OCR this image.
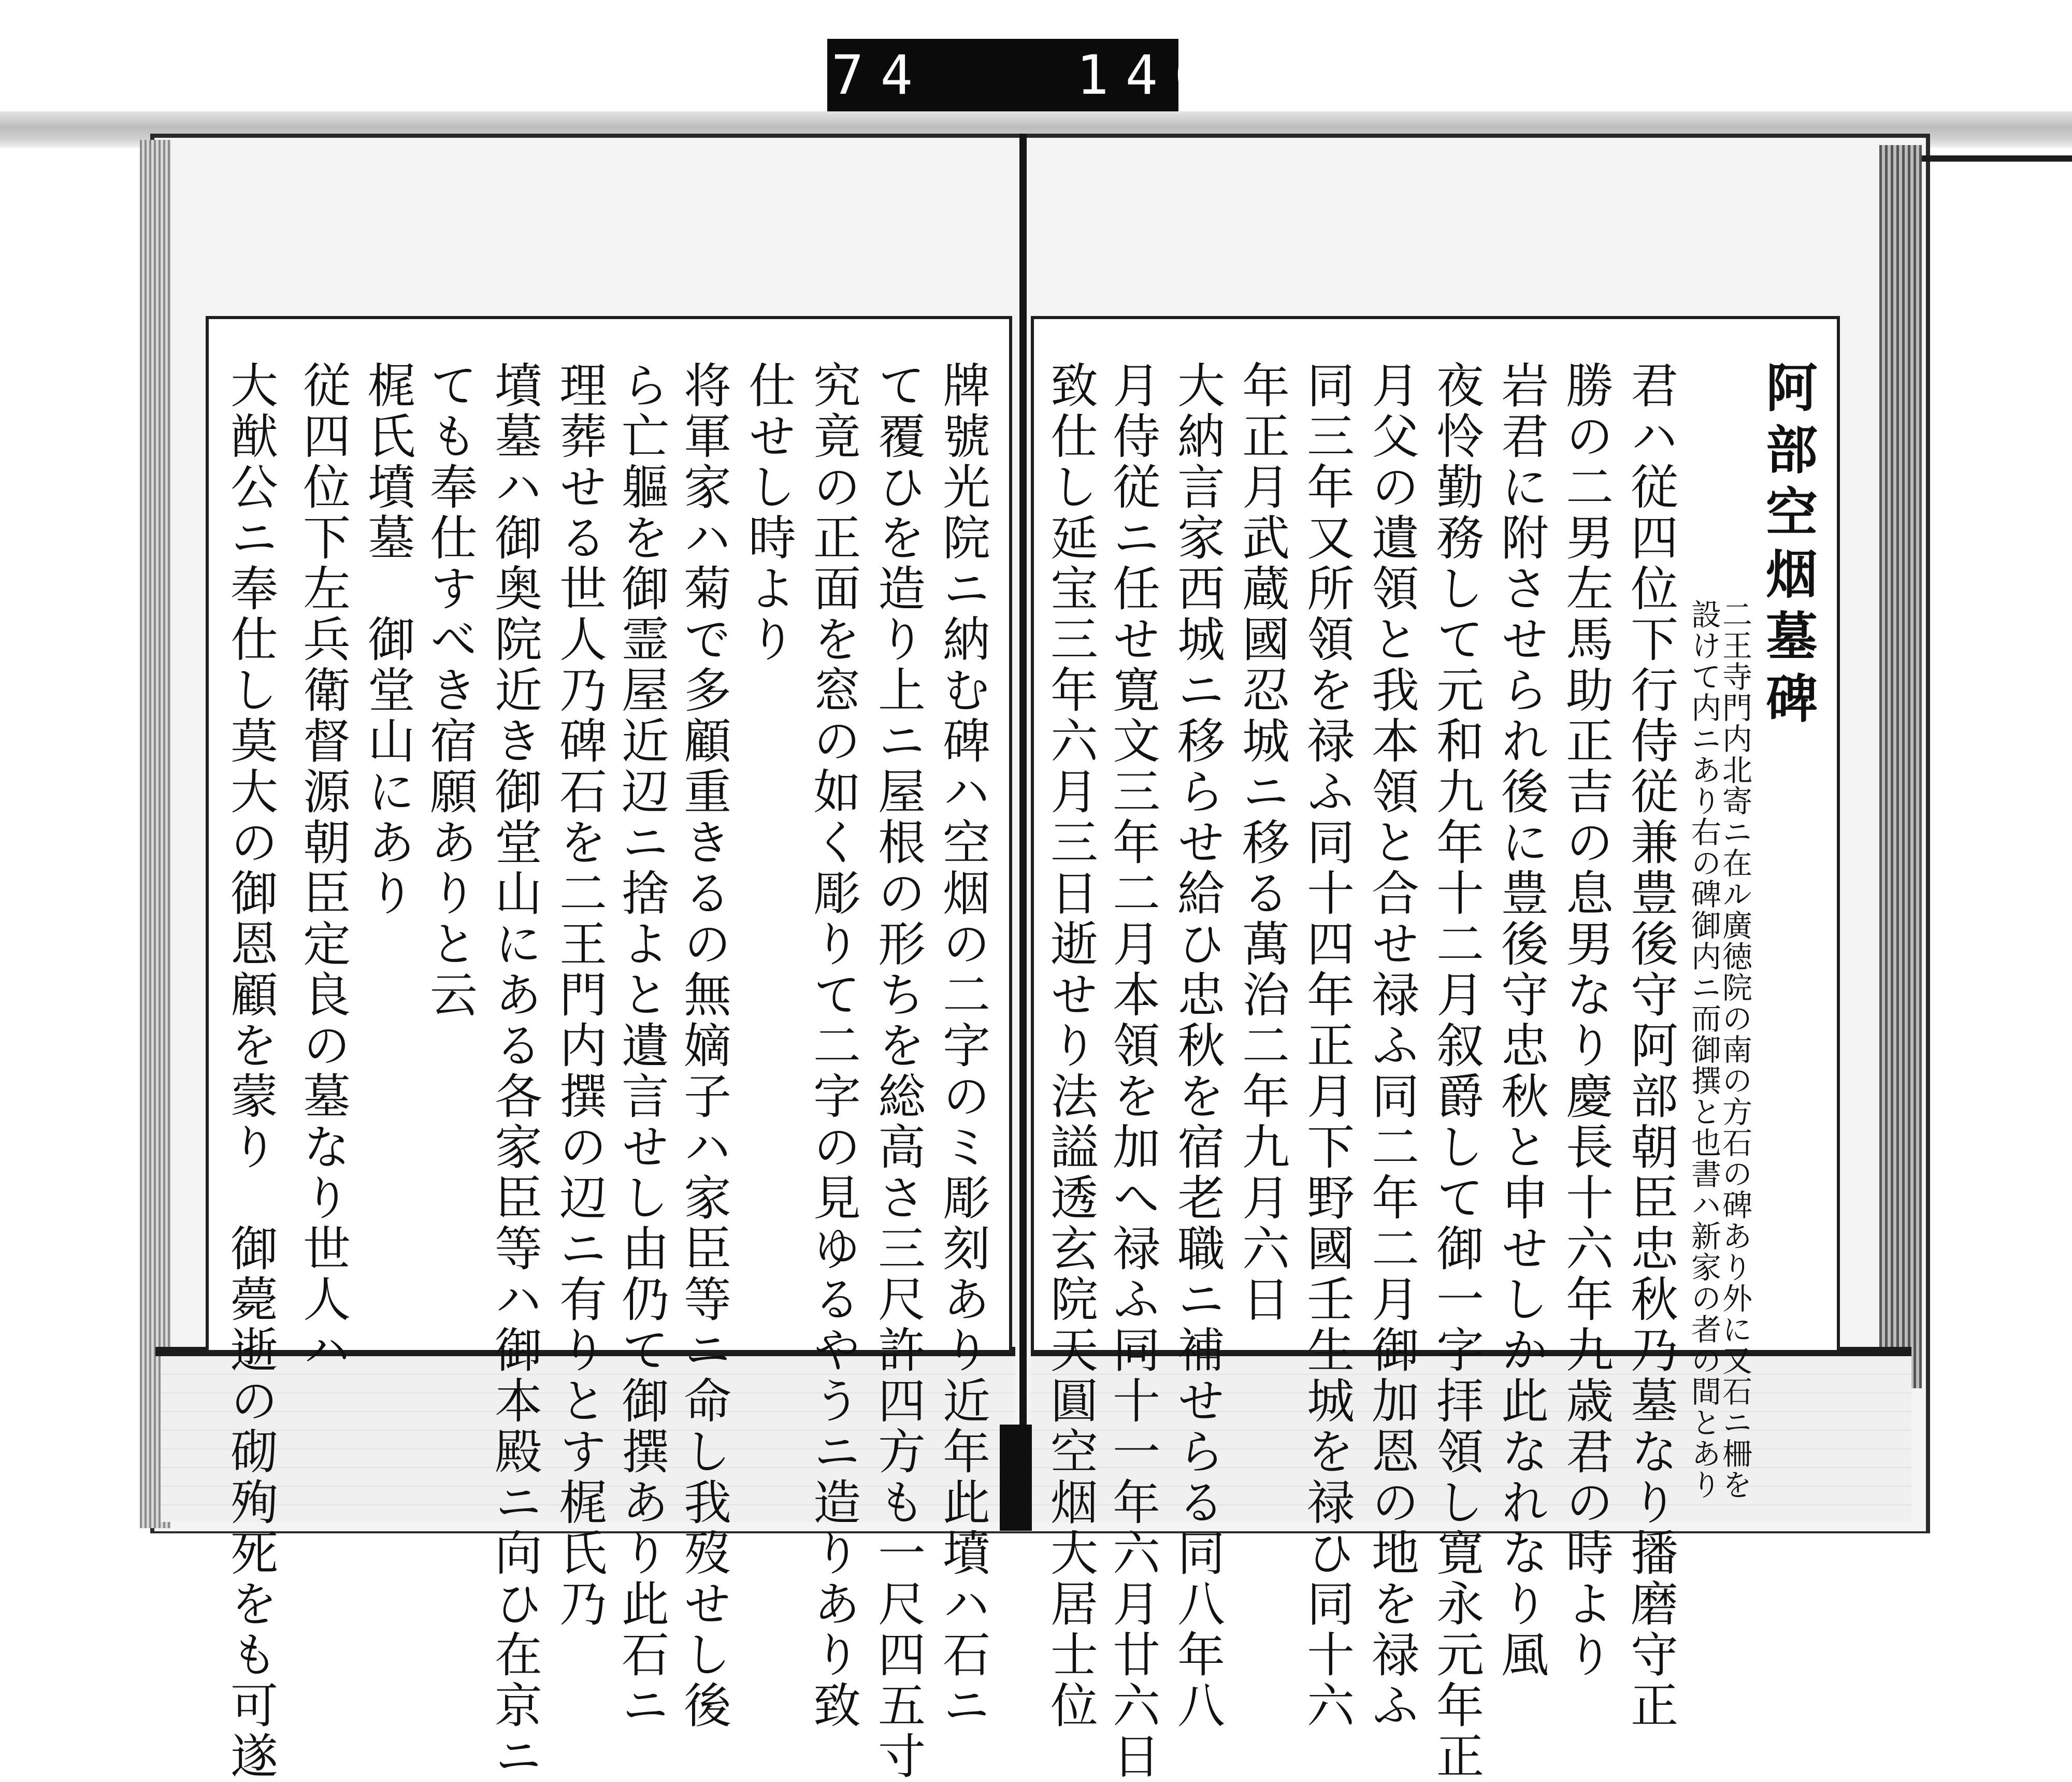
874   146
阿部空烟墓碑
二王寺門内北寄ニ在ル廣徳院の南の方石の碑あり外に又石ニ柵を
設けて内ニあり右の碑御内ニ而御撰と也書ハ新家の者の間とあり
君ハ従四位下行侍従兼豊後守阿部朝臣忠秋乃墓なり播磨守正
勝の二男左馬助正吉の息男なり慶長十六年九歳君の時より
岩君に附させられ後に豊後守忠秋と申せしか此なれなり風
夜怜勤務して元和九年十二月叙爵して御一字拝領し寛永元年正
月父の遺領と我本領と合せ禄ふ同二年二月御加恩の地を禄ふ
同三年又所領を禄ふ同十四年正月下野國壬生城を禄ひ同十六
年正月武蔵國忍城ニ移る萬治二年九月六日
大納言家西城ニ移らせ給ひ忠秋を宿老職ニ補せらる同八年八
月侍従ニ任せ寛文三年二月本領を加へ禄ふ同十一年六月廿六日
致仕し延宝三年六月三日逝せり法謚透玄院天圓空烟大居士位
牌號光院ニ納む碑ハ空烟の二字のミ彫刻あり近年此墳ハ石ニ
て覆ひを造り上ニ屋根の形ちを総高さ三尺許四方も一尺四五寸
究竟の正面を窓の如く彫りて二字の見ゆるやうニ造りあり致
仕せし時より
将軍家ハ菊で多顧重きるの無嫡子ハ家臣等ニ命し我歿せし後
ら亡軀を御霊屋近辺ニ捨よと遺言せし由仍て御撰あり此石ニ
理葬せる世人乃碑石を二王門内撰の辺ニ有りとす梶氏乃
墳墓ハ御奥院近き御堂山にある各家臣等ハ御本殿ニ向ひ在京ニ
ても奉仕すべき宿願ありと云
梶氏墳墓　御堂山にあり
従四位下左兵衛督源朝臣定良の墓なり世人ハ
大猷公ニ奉仕し莫大の御恩顧を蒙り　御薨逝の砌殉死をも可遂
